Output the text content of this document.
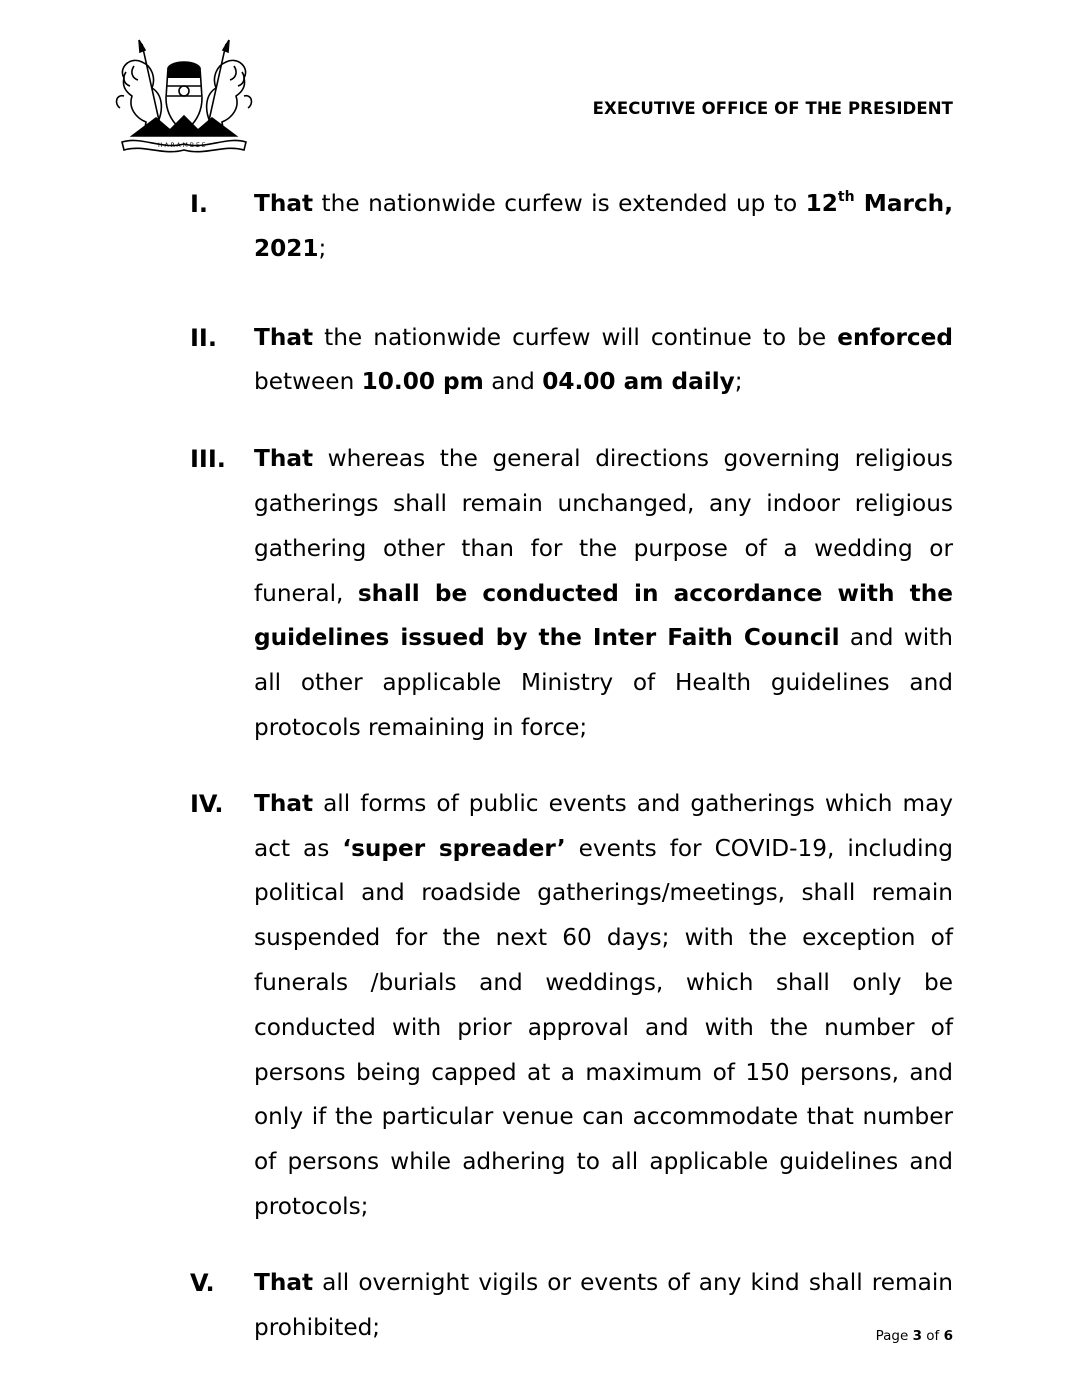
HARAMBEE
EXECUTIVE OFFICE OF THE PRESIDENT
I.	That the nationwide curfew is extended up to 12th March, 2021;
II.	That the nationwide curfew will continue to be enforced between 10.00 pm and 04.00 am daily;
III.	That whereas the general directions governing religious gatherings shall remain unchanged, any indoor religious gathering other than for the purpose of a wedding or funeral, shall be conducted in accordance with the guidelines issued by the Inter Faith Council and with all other applicable Ministry of Health guidelines and protocols remaining in force;
IV.	That all forms of public events and gatherings which may act as ‘super spreader’ events for COVID-19, including political and roadside gatherings/meetings, shall remain suspended for the next 60 days; with the exception of funerals /burials and weddings, which shall only be conducted with prior approval and with the number of persons being capped at a maximum of 150 persons, and only if the particular venue can accommodate that number of persons while adhering to all applicable guidelines and protocols;
V.	That all overnight vigils or events of any kind shall remain prohibited;	Page 3 of 6
